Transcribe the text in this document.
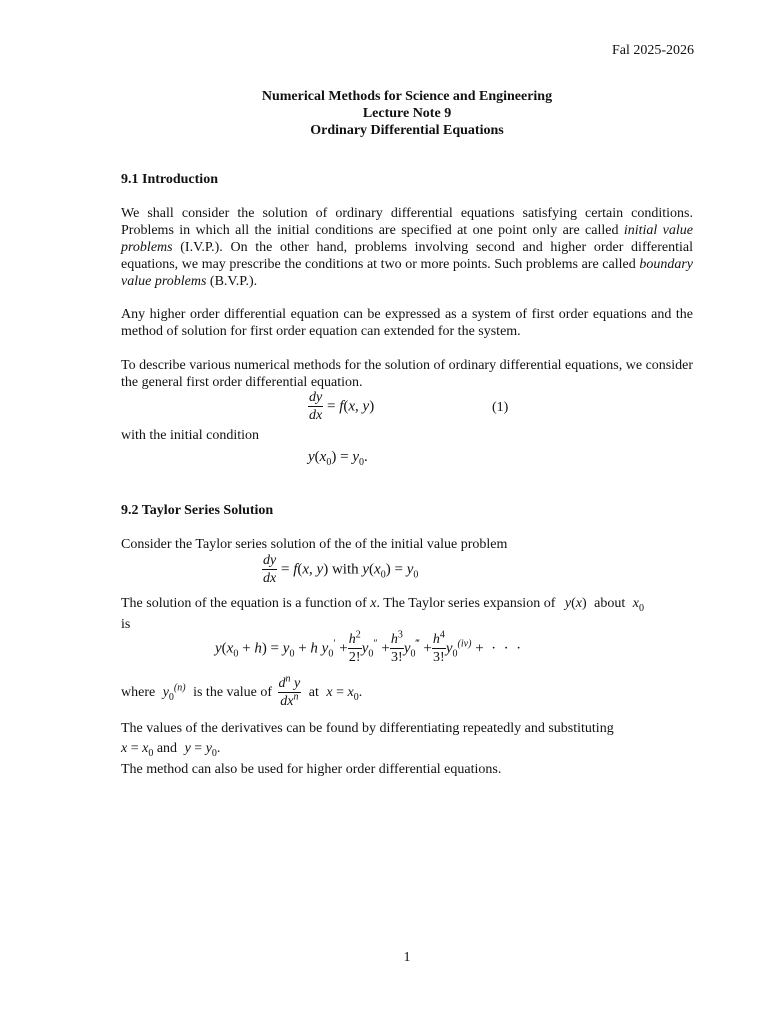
Fal 2025-2026
Numerical Methods for Science and Engineering
Lecture Note 9
Ordinary Differential Equations
9.1 Introduction
We shall consider the solution of ordinary differential equations satisfying certain conditions. Problems in which all the initial conditions are specified at one point only are called initial value problems (I.V.P.). On the other hand, problems involving second and higher order differential equations, we may prescribe the conditions at two or more points. Such problems are called boundary value problems (B.V.P.).
Any higher order differential equation can be expressed as a system of first order equations and the method of solution for first order equation can extended for the system.
To describe various numerical methods for the solution of ordinary differential equations, we consider the general first order differential equation.
$\frac{dy}{dx} = f(x$, y)	(1)
with the initial condition
$y(x_0) = y_0$.
9.2 Taylor Series Solution
Consider the Taylor series solution of the of the initial value problem
$\frac{dy}{dx} = f(x$, y) with $y(x_0) = y_0$
The solution of the equation is a function of x. The Taylor series expansion of y(x) about $x_0$
is
$y(x_0 + h) = y_0 + h$ $y_0' + \frac{h^2}{2!} y_0'' + \frac{h^3}{3!} y_0^‴ + \frac{h^4}{3!} y_0^{(iv)}$ +  ·  ·  ·
where $y_0^{(n)}$ is the value of $\frac{d^n y}{dx^n}$ at $x = x_0$.
The values of the derivatives can be found by differentiating repeatedly and substituting
$x = x_0$ and $y = y_0$.
The method can also be used for higher order differential equations.
1
